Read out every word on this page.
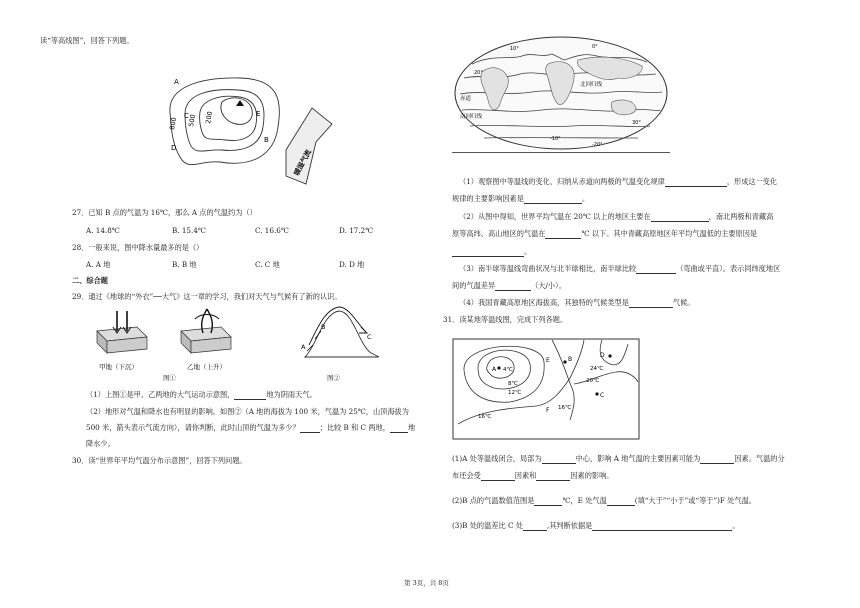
读“等高线图”，回答下列题。
A
B
C
D
E
800 500 200
暖湿气流
27．已知 B 点的气温为 16℃，那么 A 点的气温约为（）
A. 14.8℃	B. 15.4℃	C. 16.6℃	D. 17.2℃
28．一般来说，图中降水量最多的是（）
A. A 地	B. B 地	C. C 地	D. D 地
二、综合题
29．通过《地球的“外衣”──大气》这一章的学习，我们对天气与气候有了新的认识。
甲地（下沉）	乙地（上升）
A
B
C
图①	图②
（1）上图①是甲、乙两地的大气运动示意图，	地为阴雨天气。
（2）地形对气温和降水也有明显的影响。如图②（A 地的海拔为 100 米，气温为 25℃，山顶海拔为
500 米，箭头表示气流方向），请你判断，此时山顶的气温为多少？	；比较 B 和 C 两地，	地
降水少。
30．读“世界年平均气温分布示意图”，回答下列问题。
北回归线
赤道
南回归线
10°
20°
0°
-10°
-20°
30°
（1）观察图中等温线的变化，归纳从赤道向两极的气温变化规律	，形成这一变化
规律的主要影响因素是	。
（2）从图中得知，世界平均气温在 20℃ 以上的地区主要在	，南北两极和青藏高
原等高纬、高山地区的气温在	℃ 以下。其中青藏高原地区年平均气温低的主要原因是
。
（3）南半球等温线弯曲状况与北半球相比，南半球比较	（弯曲或平直）。表示同纬度地区
间的气温差异	（大/小）。
（4）我国青藏高原地区海拔高，其独特的气候类型是	气候。
31．读某地等温线图，完成下列各题。
A
B
C
D
E
F
4℃
8℃
12℃
16℃
16℃
20℃
24℃
(1)A 处等温线闭合，局部为	中心，影响 A 地气温的主要因素可能为	因素。气温的分
布还会受	因素和	因素的影响。
(2)B 点的气温数值范围是	℃，E 处气温	(填“大于”“小于”或“等于”)F 处气温。
(3)B 处的温差比 C 处	,其判断依据是	。
第 3页，共 8页
